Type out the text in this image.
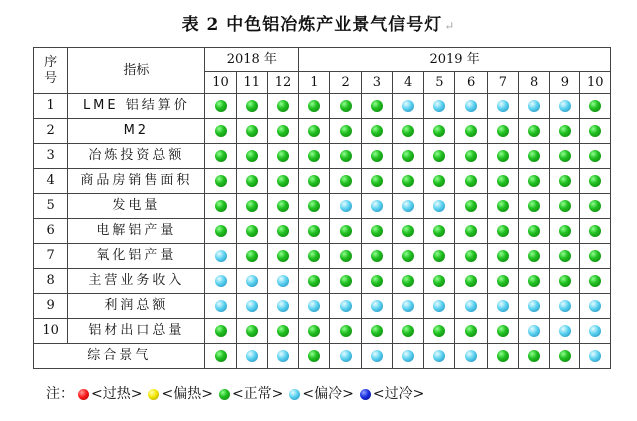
表 2 中色铝冶炼产业景气信号灯 ↵
序号	指标	2018 年			2019 年									
		10	11	12	1	2	3	4	5	6	7	8	9	10
1	LME 铝结算价													
2	M2													
3	冶炼投资总额													
4	商品房销售面积													
5	发电量													
6	电解铝产量													
7	氧化铝产量													
8	主营业务收入													
9	利润总额													
10	铝材出口总量													
综合景气														
注： <过热> <偏热> <正常> <偏冷> <过冷>
